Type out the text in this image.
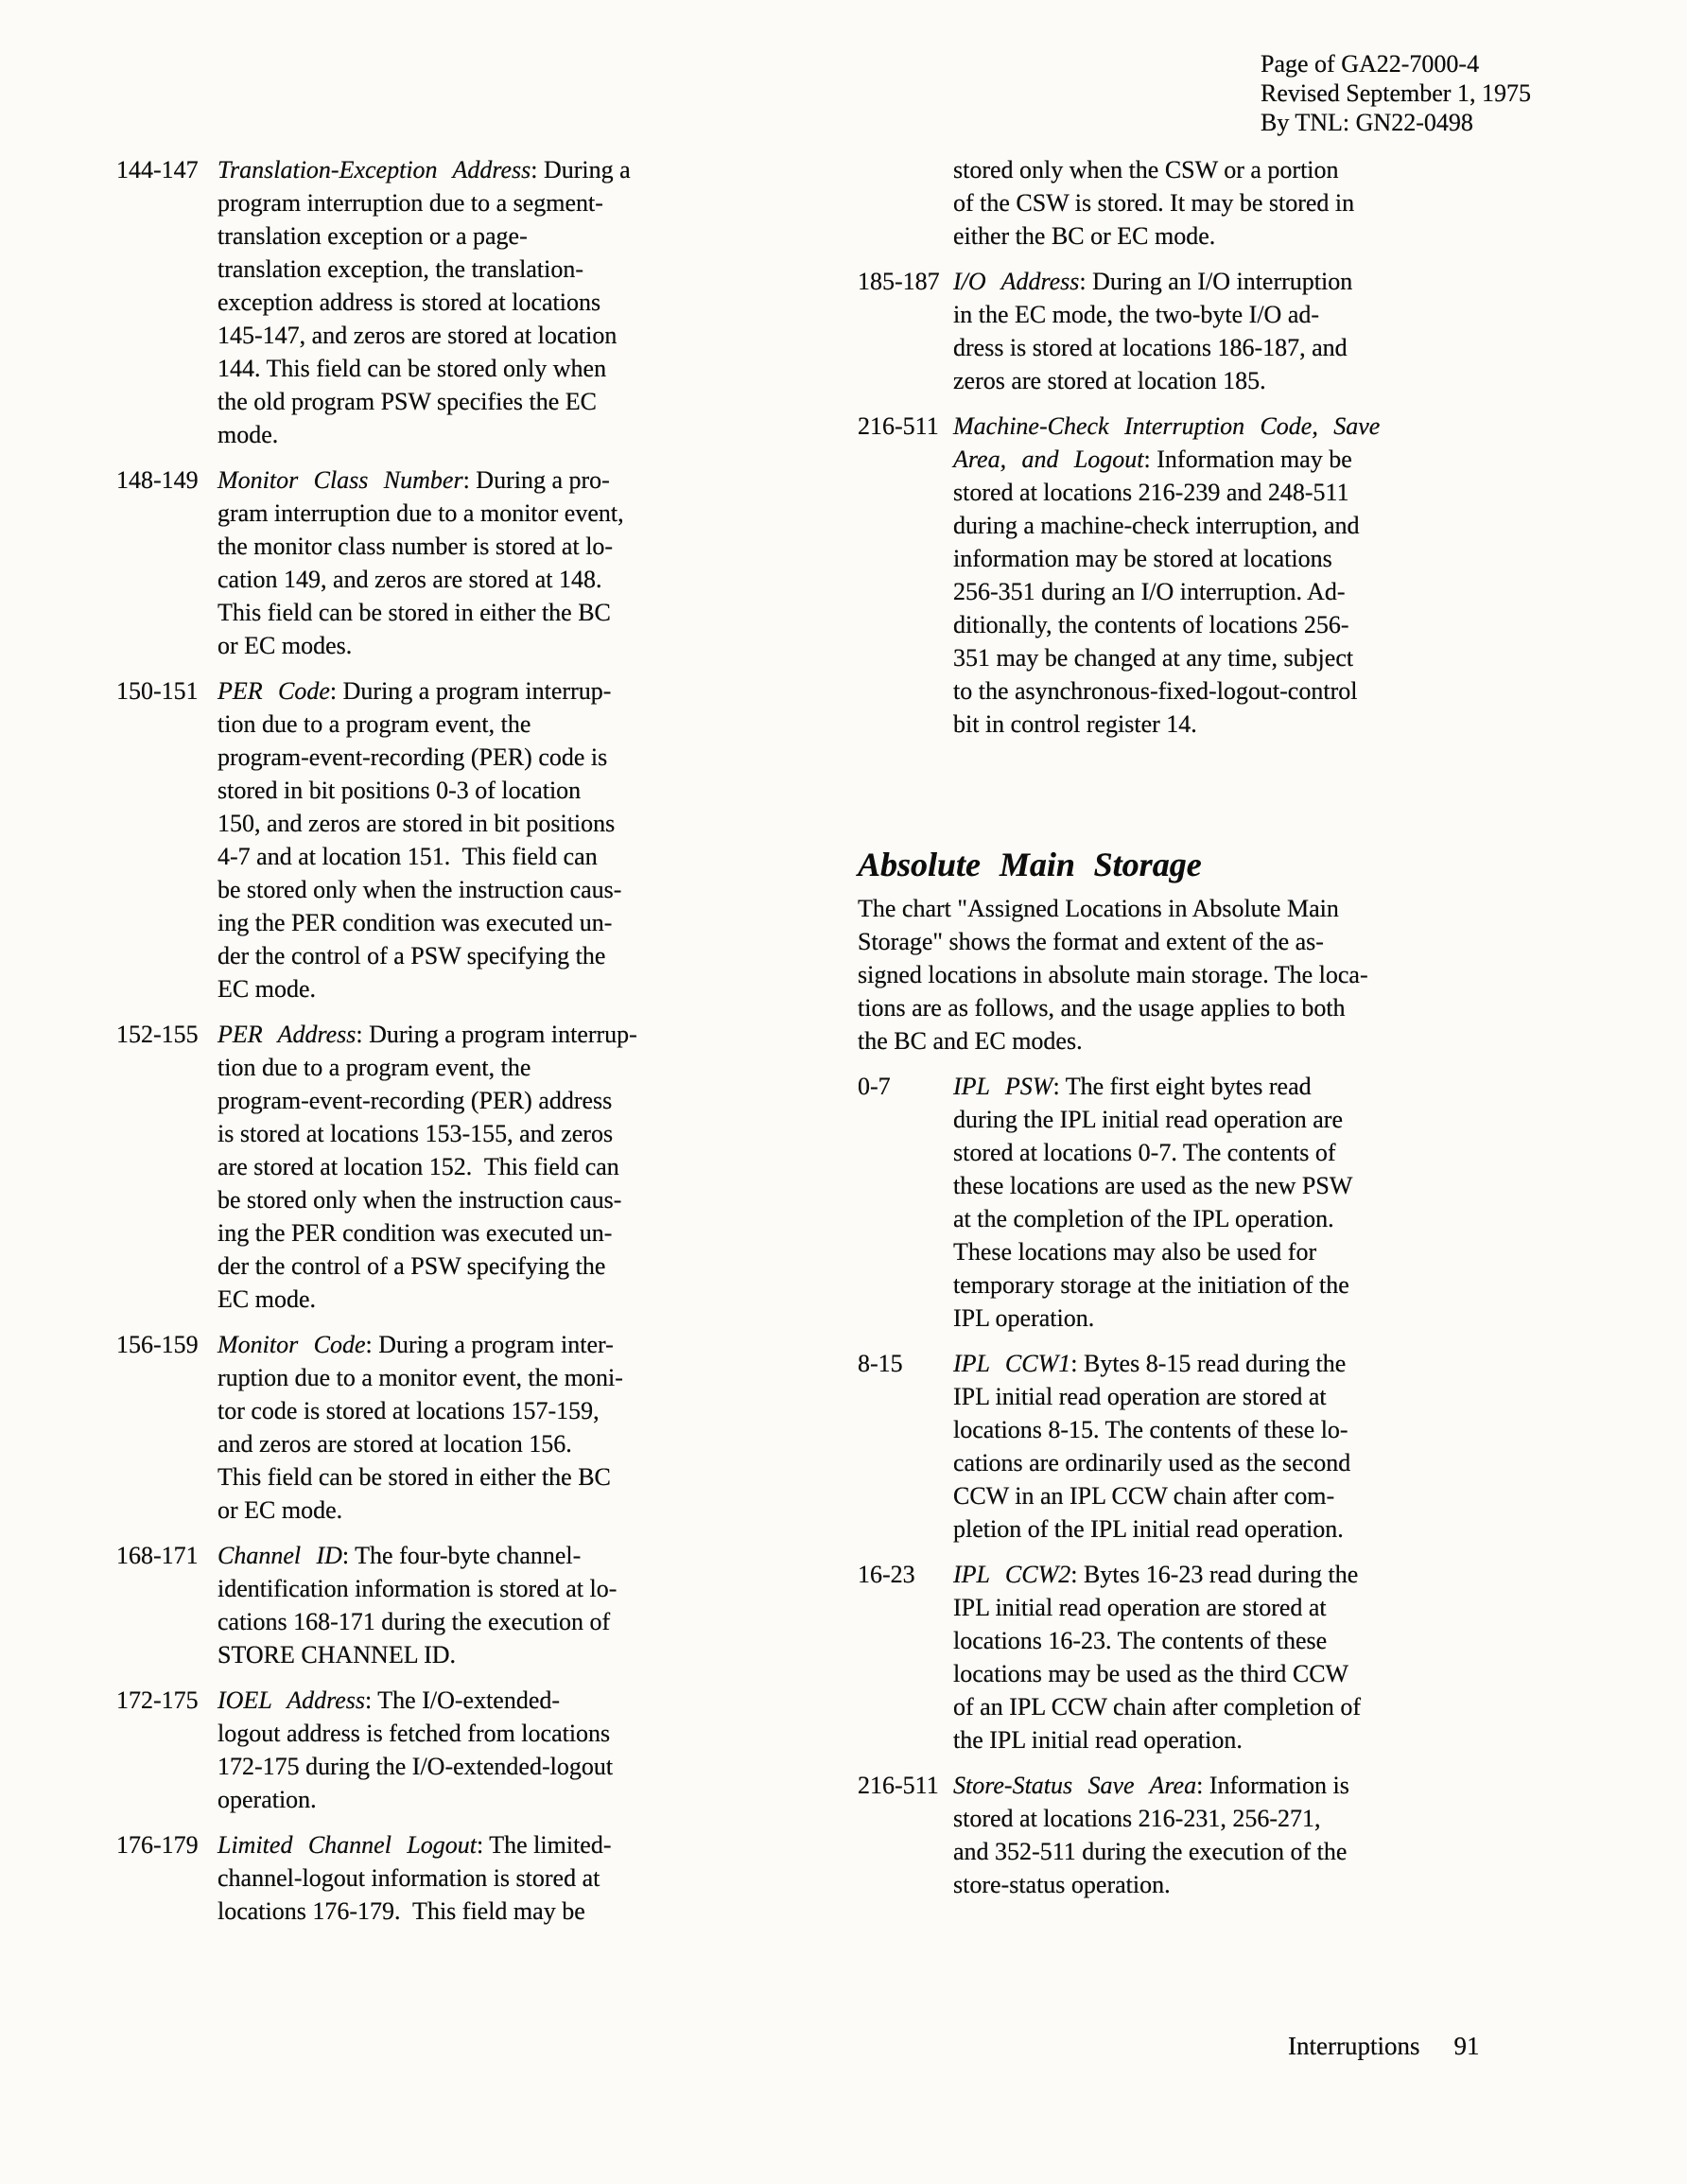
Page of GA22-7000-4
Revised September 1, 1975
By TNL: GN22-0498
144-147 Translation-Exception Address: During a
program interruption due to a segment-
translation exception or a page-
translation exception, the translation-
exception address is stored at locations
145-147, and zeros are stored at location
144. This field can be stored only when
the old program PSW specifies the EC
mode.
148-149 Monitor Class Number: During a pro-
gram interruption due to a monitor event,
the monitor class number is stored at lo-
cation 149, and zeros are stored at 148.
This field can be stored in either the BC
or EC modes.
150-151 PER Code: During a program interrup-
tion due to a program event, the
program-event-recording (PER) code is
stored in bit positions 0-3 of location
150, and zeros are stored in bit positions
4-7 and at location 151.  This field can
be stored only when the instruction caus-
ing the PER condition was executed un-
der the control of a PSW specifying the
EC mode.
152-155 PER Address: During a program interrup-
tion due to a program event, the
program-event-recording (PER) address
is stored at locations 153-155, and zeros
are stored at location 152.  This field can
be stored only when the instruction caus-
ing the PER condition was executed un-
der the control of a PSW specifying the
EC mode.
156-159 Monitor Code: During a program inter-
ruption due to a monitor event, the moni-
tor code is stored at locations 157-159,
and zeros are stored at location 156.
This field can be stored in either the BC
or EC mode.
168-171 Channel ID: The four-byte channel-
identification information is stored at lo-
cations 168-171 during the execution of
STORE CHANNEL ID.
172-175 IOEL Address: The I/O-extended-
logout address is fetched from locations
172-175 during the I/O-extended-logout
operation.
176-179 Limited Channel Logout: The limited-
channel-logout information is stored at
locations 176-179.  This field may be
stored only when the CSW or a portion
of the CSW is stored. It may be stored in
either the BC or EC mode.
185-187 I/O Address: During an I/O interruption
in the EC mode, the two-byte I/O ad-
dress is stored at locations 186-187, and
zeros are stored at location 185.
216-511 Machine-Check Interruption Code, Save
Area, and Logout: Information may be
stored at locations 216-239 and 248-511
during a machine-check interruption, and
information may be stored at locations
256-351 during an I/O interruption. Ad-
ditionally, the contents of locations 256-
351 may be changed at any time, subject
to the asynchronous-fixed-logout-control
bit in control register 14.
Absolute Main Storage
The chart "Assigned Locations in Absolute Main
Storage" shows the format and extent of the as-
signed locations in absolute main storage. The loca-
tions are as follows, and the usage applies to both
the BC and EC modes.
0-7	IPL PSW: The first eight bytes read
during the IPL initial read operation are
stored at locations 0-7. The contents of
these locations are used as the new PSW
at the completion of the IPL operation.
These locations may also be used for
temporary storage at the initiation of the
IPL operation.
8-15	IPL CCW1: Bytes 8-15 read during the
IPL initial read operation are stored at
locations 8-15. The contents of these lo-
cations are ordinarily used as the second
CCW in an IPL CCW chain after com-
pletion of the IPL initial read operation.
16-23	IPL CCW2: Bytes 16-23 read during the
IPL initial read operation are stored at
locations 16-23. The contents of these
locations may be used as the third CCW
of an IPL CCW chain after completion of
the IPL initial read operation.
216-511 Store-Status Save Area: Information is
stored at locations 216-231, 256-271,
and 352-511 during the execution of the
store-status operation.
Interruptions 91
